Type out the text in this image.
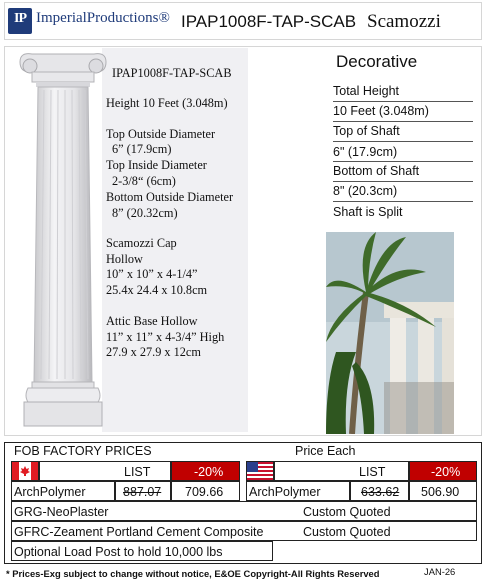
IP ImperialProductions® IPAP1008F-TAP-SCAB Scamozzi
IPAP1008F-TAP-SCAB
Height 10 Feet (3.048m)
Top Outside Diameter
6” (17.9cm)
Top Inside Diameter
2-3/8“ (6cm)
Bottom Outside Diameter
8” (20.32cm)
Scamozzi Cap
Hollow
10” x 10” x 4-1/4”
25.4x 24.4 x 10.8cm
Attic Base Hollow
11” x 11” x 4-3/4” High
27.9 x 27.9 x 12cm
Decorative
Total Height
10 Feet (3.048m)
Top of Shaft
6" (17.9cm)
Bottom of Shaft
8" (20.3cm)
Shaft is Split
FOB FACTORY PRICES	Price Each
LIST	-20%
ArchPolymer	887.07 709.66
LIST	-20%
ArchPolymer	633.62 506.90
GRG-NeoPlaster	Custom Quoted
GFRC-Zeament Portland Cement Composite	Custom Quoted
Optional Load Post to hold 10,000 lbs
* Prices-Exg subject to change without notice, E&OE Copyright-All Rights Reserved	JAN-26
